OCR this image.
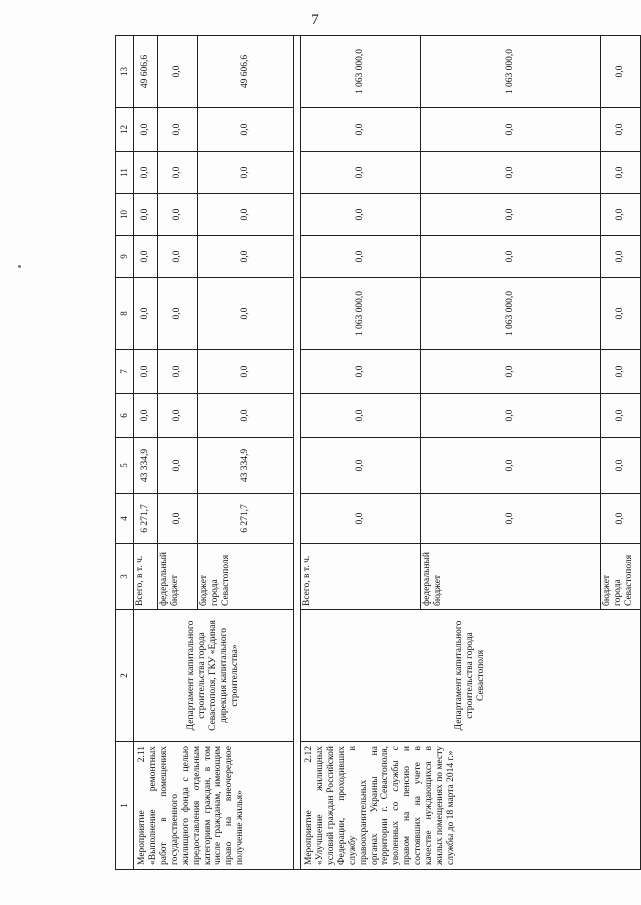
7
1	2	3	4	5	6	7	8	9	10	11	12	13
Мероприятие 2.11 «Выполнение ремонтных работ в помещениях государственного жилищного фонда с целью предоставления отдельным категориям граждан, в том числе гражданам, имеющим право на внеочередное получение жилья»	Департамент капитального строительства города Севастополя, ГКУ «Единая дирекция капитального строительства»	Всего, в т. ч.	6 271,7	43 334,9	0,0	0,0	0,0	0,0	0,0	0,0	0,0	49 606,6
		федеральный бюджет	0,0	0,0	0,0	0,0	0,0	0,0	0,0	0,0	0,0	0,0
		бюджет города Севастополя	6 271,7	43 334,9	0,0	0,0	0,0	0,0	0,0	0,0	0,0	49 606,6

Мероприятие 2.12 «Улучшение жилищных условий граждан Российской Федерации, проходивших службу в правоохранительных органах Украины на территории г. Севастополя, уволенных со службы с правом на пенсию и состоявших на учете в качестве нуждающихся в жилых помещениях по месту службы до 18 марта 2014 г.»	Департамент капитального строительства города Севастополя	Всего, в т. ч.	0,0	0,0	0,0	0,0	1 063 000,0	0,0	0,0	0,0	0,0	1 063 000,0
		федеральный бюджет	0,0	0,0	0,0	0,0	1 063 000,0	0,0	0,0	0,0	0,0	1 063 000,0
		бюджет города Севастополя	0,0	0,0	0,0	0,0	0,0	0,0	0,0	0,0	0,0	0,0
